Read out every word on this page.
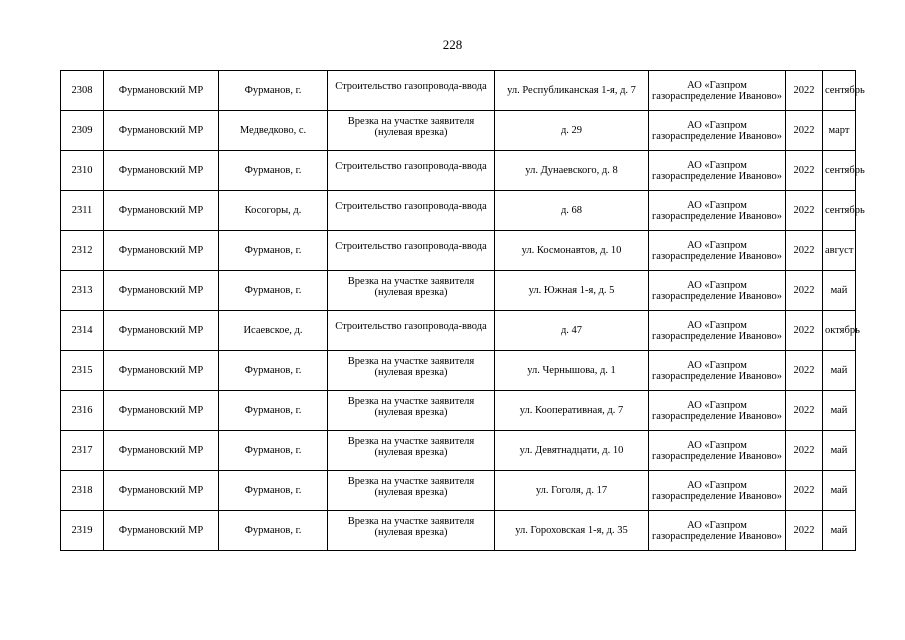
228
2308	Фурмановский МР	Фурманов, г.	Строительство газопровода-ввода	ул. Республиканская 1-я, д. 7	АО «Газпром газораспределение Иваново»	2022	сентябрь
2309	Фурмановский МР	Медведково, с.	Врезка на участке заявителя (нулевая врезка)	д. 29	АО «Газпром газораспределение Иваново»	2022	март
2310	Фурмановский МР	Фурманов, г.	Строительство газопровода-ввода	ул. Дунаевского, д. 8	АО «Газпром газораспределение Иваново»	2022	сентябрь
2311	Фурмановский МР	Косогоры, д.	Строительство газопровода-ввода	д. 68	АО «Газпром газораспределение Иваново»	2022	сентябрь
2312	Фурмановский МР	Фурманов, г.	Строительство газопровода-ввода	ул. Космонавтов, д. 10	АО «Газпром газораспределение Иваново»	2022	август
2313	Фурмановский МР	Фурманов, г.	Врезка на участке заявителя (нулевая врезка)	ул. Южная 1-я, д. 5	АО «Газпром газораспределение Иваново»	2022	май
2314	Фурмановский МР	Исаевское, д.	Строительство газопровода-ввода	д. 47	АО «Газпром газораспределение Иваново»	2022	октябрь
2315	Фурмановский МР	Фурманов, г.	Врезка на участке заявителя (нулевая врезка)	ул. Чернышова, д. 1	АО «Газпром газораспределение Иваново»	2022	май
2316	Фурмановский МР	Фурманов, г.	Врезка на участке заявителя (нулевая врезка)	ул. Кооперативная, д. 7	АО «Газпром газораспределение Иваново»	2022	май
2317	Фурмановский МР	Фурманов, г.	Врезка на участке заявителя (нулевая врезка)	ул. Девятнадцати, д. 10	АО «Газпром газораспределение Иваново»	2022	май
2318	Фурмановский МР	Фурманов, г.	Врезка на участке заявителя (нулевая врезка)	ул. Гоголя, д. 17	АО «Газпром газораспределение Иваново»	2022	май
2319	Фурмановский МР	Фурманов, г.	Врезка на участке заявителя (нулевая врезка)	ул. Гороховская 1-я, д. 35	АО «Газпром газораспределение Иваново»	2022	май
